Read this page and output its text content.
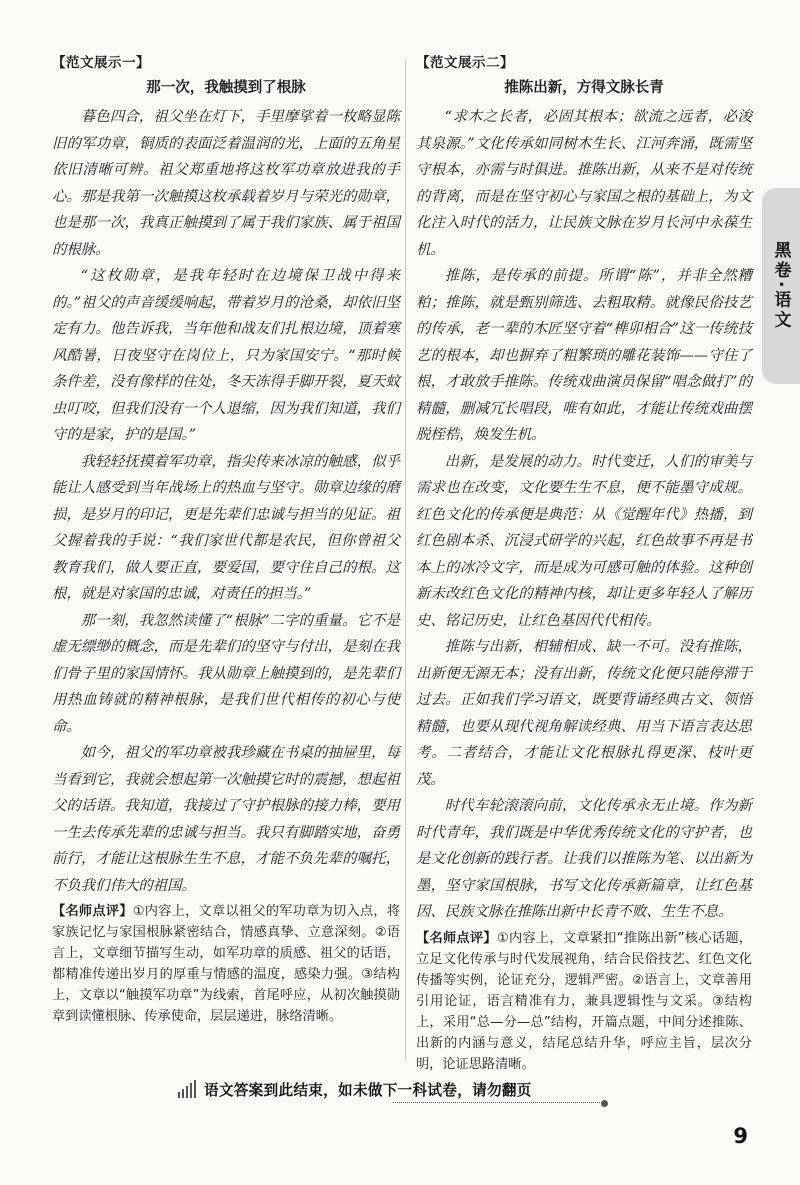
【范文展示一】
那一次，我触摸到了根脉

暮色四合，祖父坐在灯下，手里摩挲着一枚略显陈旧的军功章，铜质的表面泛着温润的光，上面的五角星依旧清晰可辨。祖父郑重地将这枚军功章放进我的手心。那是我第一次触摸这枚承载着岁月与荣光的勋章，也是那一次，我真正触摸到了属于我们家族、属于祖国的根脉。

“这枚勋章，是我年轻时在边境保卫战中得来的。”祖父的声音缓缓响起，带着岁月的沧桑，却依旧坚定有力。他告诉我，当年他和战友们扎根边境，顶着寒风酷暑，日夜坚守在岗位上，只为家国安宁。“那时候条件差，没有像样的住处，冬天冻得手脚开裂，夏天蚊虫叮咬，但我们没有一个人退缩，因为我们知道，我们守的是家，护的是国。”

我轻轻抚摸着军功章，指尖传来冰凉的触感，似乎能让人感受到当年战场上的热血与坚守。勋章边缘的磨损，是岁月的印记，更是先辈们忠诚与担当的见证。祖父握着我的手说：“我们家世代都是农民，但你曾祖父教育我们，做人要正直，要爱国，要守住自己的根。这根，就是对家国的忠诚，对责任的担当。”

那一刻，我忽然读懂了“根脉”二字的重量。它不是虚无缥缈的概念，而是先辈们的坚守与付出，是刻在我们骨子里的家国情怀。我从勋章上触摸到的，是先辈们用热血铸就的精神根脉，是我们世代相传的初心与使命。

如今，祖父的军功章被我珍藏在书桌的抽屉里，每当看到它，我就会想起第一次触摸它时的震撼，想起祖父的话语。我知道，我接过了守护根脉的接力棒，要用一生去传承先辈的忠诚与担当。我只有脚踏实地，奋勇前行，才能让这根脉生生不息，才能不负先辈的嘱托，不负我们伟大的祖国。

【名师点评】①内容上，文章以祖父的军功章为切入点，将家族记忆与家国根脉紧密结合，情感真挚、立意深刻。②语言上，文章细节描写生动，如军功章的质感、祖父的话语，都精准传递出岁月的厚重与情感的温度，感染力强。③结构上，文章以“触摸军功章”为线索，首尾呼应，从初次触摸勋章到读懂根脉、传承使命，层层递进，脉络清晰。
【范文展示二】
推陈出新，方得文脉长青

“求木之长者，必固其根本；欲流之远者，必浚其泉源。”文化传承如同树木生长、江河奔涌，既需坚守根本，亦需与时俱进。推陈出新，从来不是对传统的背离，而是在坚守初心与家国之根的基础上，为文化注入时代的活力，让民族文脉在岁月长河中永葆生机。

推陈，是传承的前提。所谓“陈”，并非全然糟粕；推陈，就是甄别筛选、去粗取精。就像民俗技艺的传承，老一辈的木匠坚守着“榫卯相合”这一传统技艺的根本，却也摒弃了粗繁琐的雕花装饰——守住了根，才敢放手推陈。传统戏曲演员保留“唱念做打”的精髓，删减冗长唱段，唯有如此，才能让传统戏曲摆脱桎梏，焕发生机。

出新，是发展的动力。时代变迁，人们的审美与需求也在改变，文化要生生不息，便不能墨守成规。红色文化的传承便是典范：从《觉醒年代》热播，到红色剧本杀、沉浸式研学的兴起，红色故事不再是书本上的冰冷文字，而是成为可感可触的体验。这种创新未改红色文化的精神内核，却让更多年轻人了解历史、铭记历史，让红色基因代代相传。

推陈与出新，相辅相成、缺一不可。没有推陈，出新便无源无本；没有出新，传统文化便只能停滞于过去。正如我们学习语文，既要背诵经典古文、领悟精髓，也要从现代视角解读经典、用当下语言表达思考。二者结合，才能让文化根脉扎得更深、枝叶更茂。

时代车轮滚滚向前，文化传承永无止境。作为新时代青年，我们既是中华优秀传统文化的守护者，也是文化创新的践行者。让我们以推陈为笔、以出新为墨，坚守家国根脉，书写文化传承新篇章，让红色基因、民族文脉在推陈出新中长青不败、生生不息。

【名师点评】①内容上，文章紧扣“推陈出新”核心话题，立足文化传承与时代发展视角，结合民俗技艺、红色文化传播等实例，论证充分，逻辑严密。②语言上，文章善用引用论证，语言精准有力，兼具逻辑性与文采。③结构上，采用“总—分—总”结构，开篇点题，中间分述推陈、出新的内涵与意义，结尾总结升华，呼应主旨，层次分明，论证思路清晰。
黑卷·语文
语文答案到此结束，如未做下一科试卷，请勿翻页
9
